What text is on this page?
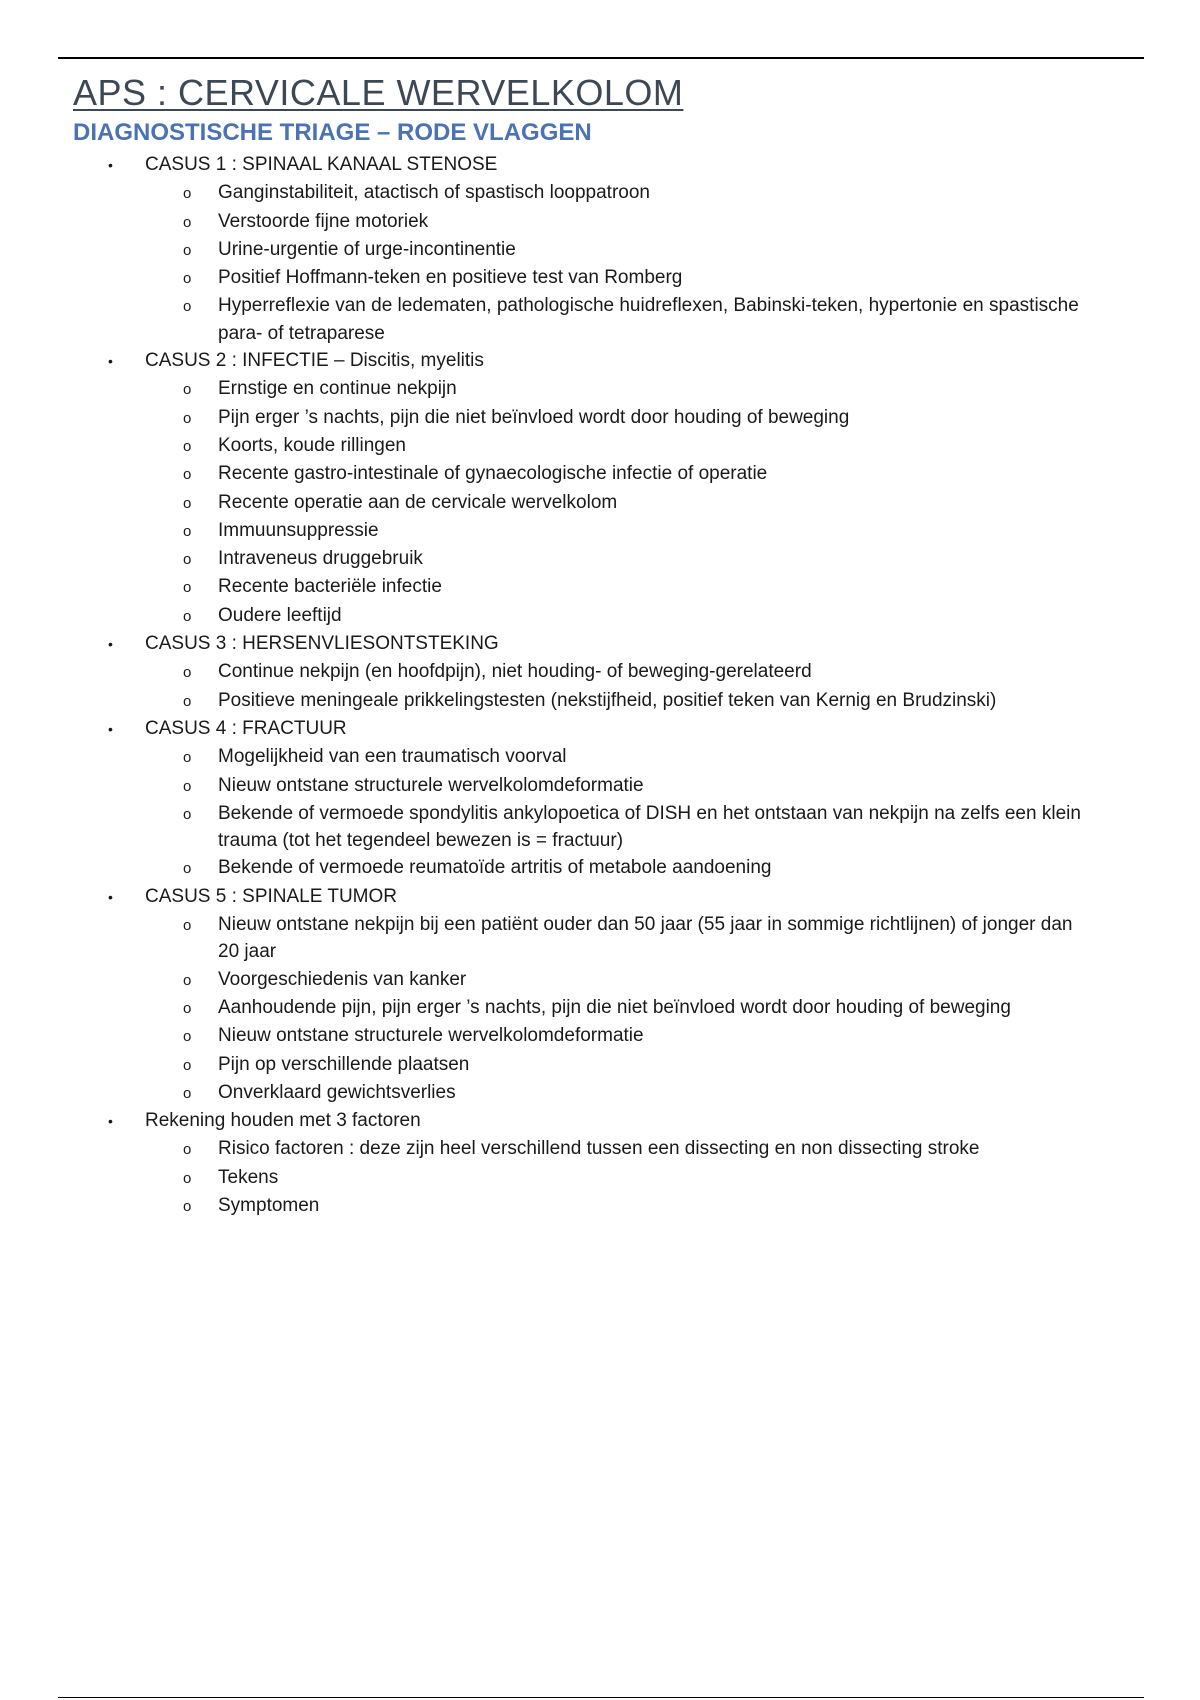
APS : CERVICALE WERVELKOLOM
DIAGNOSTISCHE TRIAGE – RODE VLAGGEN
•	CASUS 1 : SPINAAL KANAAL STENOSE
o	Ganginstabiliteit, atactisch of spastisch looppatroon
o	Verstoorde fijne motoriek
o	Urine-urgentie of urge-incontinentie
o	Positief Hoffmann-teken en positieve test van Romberg
o	Hyperreflexie van de ledematen, pathologische huidreflexen, Babinski-teken, hypertonie en spastische para- of tetraparese
•	CASUS 2 : INFECTIE – Discitis, myelitis
o	Ernstige en continue nekpijn
o	Pijn erger ’s nachts, pijn die niet beïnvloed wordt door houding of beweging
o	Koorts, koude rillingen
o	Recente gastro-intestinale of gynaecologische infectie of operatie
o	Recente operatie aan de cervicale wervelkolom
o	Immuunsuppressie
o	Intraveneus druggebruik
o	Recente bacteriële infectie
o	Oudere leeftijd
•	CASUS 3 : HERSENVLIESONTSTEKING
o	Continue nekpijn (en hoofdpijn), niet houding- of beweging-gerelateerd
o	Positieve meningeale prikkelingstesten (nekstijfheid, positief teken van Kernig en Brudzinski)
•	CASUS 4 : FRACTUUR
o	Mogelijkheid van een traumatisch voorval
o	Nieuw ontstane structurele wervelkolomdeformatie
o	Bekende of vermoede spondylitis ankylopoetica of DISH en het ontstaan van nekpijn na zelfs een klein trauma (tot het tegendeel bewezen is = fractuur)
o	Bekende of vermoede reumatoïde artritis of metabole aandoening
•	CASUS 5 : SPINALE TUMOR
o	Nieuw ontstane nekpijn bij een patiënt ouder dan 50 jaar (55 jaar in sommige richtlijnen) of jonger dan 20 jaar
o	Voorgeschiedenis van kanker
o	Aanhoudende pijn, pijn erger ’s nachts, pijn die niet beïnvloed wordt door houding of beweging
o	Nieuw ontstane structurele wervelkolomdeformatie
o	Pijn op verschillende plaatsen
o	Onverklaard gewichtsverlies
•	Rekening houden met 3 factoren
o	Risico factoren : deze zijn heel verschillend tussen een dissecting en non dissecting stroke
o	Tekens
o	Symptomen
